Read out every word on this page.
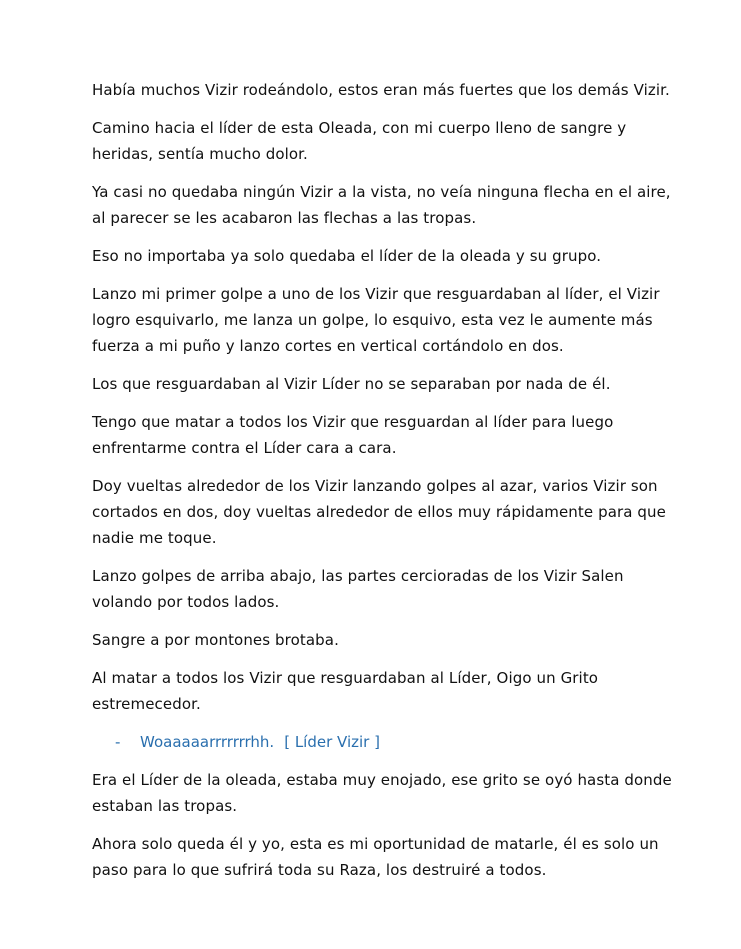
Había muchos Vizir rodeándolo, estos eran más fuertes que los demás Vizir.

Camino hacia el líder de esta Oleada, con mi cuerpo lleno de sangre y heridas, sentía mucho dolor.

Ya casi no quedaba ningún Vizir a la vista, no veía ninguna flecha en el aire, al parecer se les acabaron las flechas a las tropas.

Eso no importaba ya solo quedaba el líder de la oleada y su grupo.

Lanzo mi primer golpe a uno de los Vizir que resguardaban al líder, el Vizir logro esquivarlo, me lanza un golpe, lo esquivo, esta vez le aumente más fuerza a mi puño y lanzo cortes en vertical cortándolo en dos.

Los que resguardaban al Vizir Líder no se separaban por nada de él.

Tengo que matar a todos los Vizir que resguardan al líder para luego enfrentarme contra el Líder cara a cara.

Doy vueltas alrededor de los Vizir lanzando golpes al azar, varios Vizir son cortados en dos, doy vueltas alrededor de ellos muy rápidamente para que nadie me toque.

Lanzo golpes de arriba abajo, las partes cercioradas de los Vizir Salen volando por todos lados.

Sangre a por montones brotaba.

Al matar a todos los Vizir que resguardaban al Líder, Oigo un Grito estremecedor.

- Woaaaaarrrrrrrhh. [ Líder Vizir ]

Era el Líder de la oleada, estaba muy enojado, ese grito se oyó hasta donde estaban las tropas.

Ahora solo queda él y yo, esta es mi oportunidad de matarle, él es solo un paso para lo que sufrirá toda su Raza, los destruiré a todos.
